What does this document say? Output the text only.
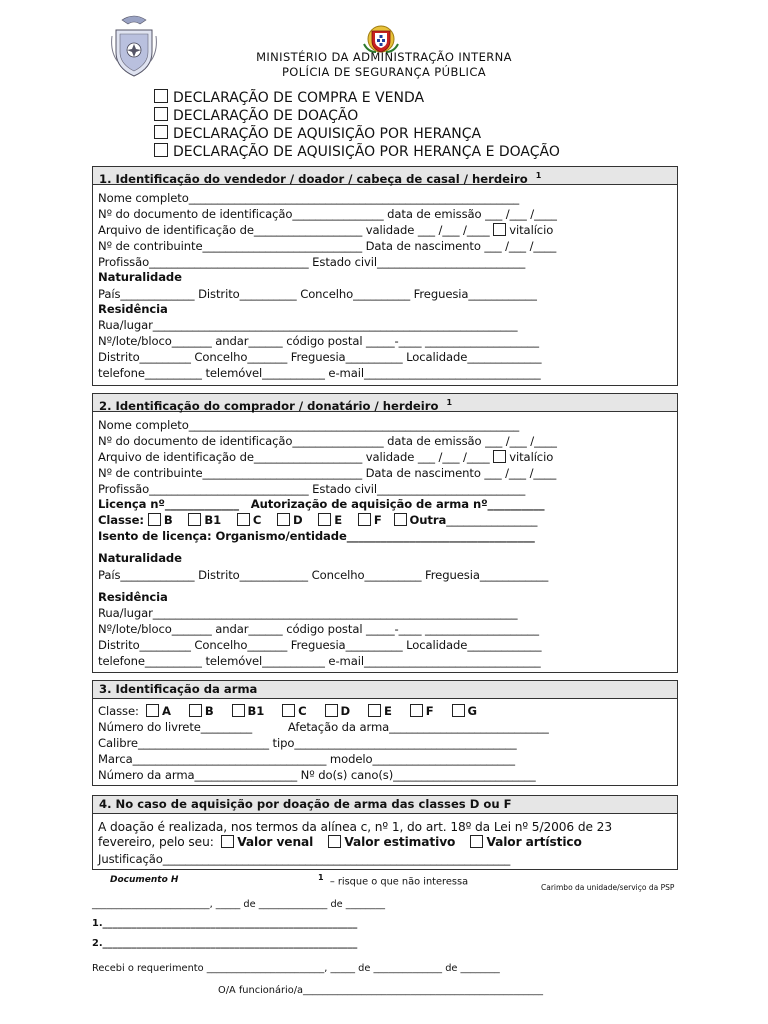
MINISTÉRIO DA ADMINISTRAÇÃO INTERNA
POLÍCIA DE SEGURANÇA PÚBLICA
DECLARAÇÃO DE COMPRA E VENDA
DECLARAÇÃO DE DOAÇÃO
DECLARAÇÃO DE AQUISIÇÃO POR HERANÇA
DECLARAÇÃO DE AQUISIÇÃO POR HERANÇA E DOAÇÃO
1. Identificação do vendedor / doador / cabeça de casal / herdeiro $^1$
Nome completo__________________________________________________________
Nº do documento de identificação________________ data de emissão ___ /___ /____
Arquivo de identificação de___________________ validade ___ /___ /____ vitalício
Nº de contribuinte____________________________ Data de nascimento ___ /___ /____
Profissão____________________________ Estado civil__________________________
Naturalidade
País_____________ Distrito__________ Concelho__________ Freguesia____________
Residência
Rua/lugar________________________________________________________________
Nº/lote/bloco_______ andar______ código postal _____-____ ____________________
Distrito_________ Concelho_______ Freguesia__________ Localidade_____________
telefone__________ telemóvel___________ e-mail_______________________________
2. Identificação do comprador / donatário / herdeiro $^1$
Nome completo__________________________________________________________
Nº do documento de identificação________________ data de emissão ___ /___ /____
Arquivo de identificação de___________________ validade ___ /___ /____ vitalício
Nº de contribuinte____________________________ Data de nascimento ___ /___ /____
Profissão____________________________ Estado civil__________________________
Licença nº_____________   Autorização de aquisição de arma nº__________
Classe: B	B1	C	D	E	F Outra________________
Isento de licença: Organismo/entidade_________________________________
Naturalidade
País_____________ Distrito____________ Concelho__________ Freguesia____________
Residência
Rua/lugar________________________________________________________________
Nº/lote/bloco_______ andar______ código postal _____-____ ____________________
Distrito_________ Concelho_______ Freguesia__________ Localidade_____________
telefone__________ telemóvel___________ e-mail_______________________________
3. Identificação da arma
Classe: A	B	B1	C	D	E	F	G
Número do livrete_________          Afetação da arma____________________________
Calibre_______________________ tipo_______________________________________
Marca__________________________________ modelo_________________________
Número da arma__________________ Nº do(s) cano(s)_________________________
4. No caso de aquisição por doação de arma das classes D ou F
A doação é realizada, nos termos da alínea c, nº 1, do art. 18º da Lei nº 5/2006 de 23
fevereiro, pelo seu: Valor venal	Valor estimativo	Valor artístico
Justificação_____________________________________________________________
Documento H	$^1$ – risque o que não interessa
Carimbo da unidade/serviço da PSP
________________________, _____ de ______________ de ________
1.____________________________________________________
2.____________________________________________________
Recebi o requerimento ________________________, _____ de ______________ de ________
O/A funcionário/a_________________________________________________
